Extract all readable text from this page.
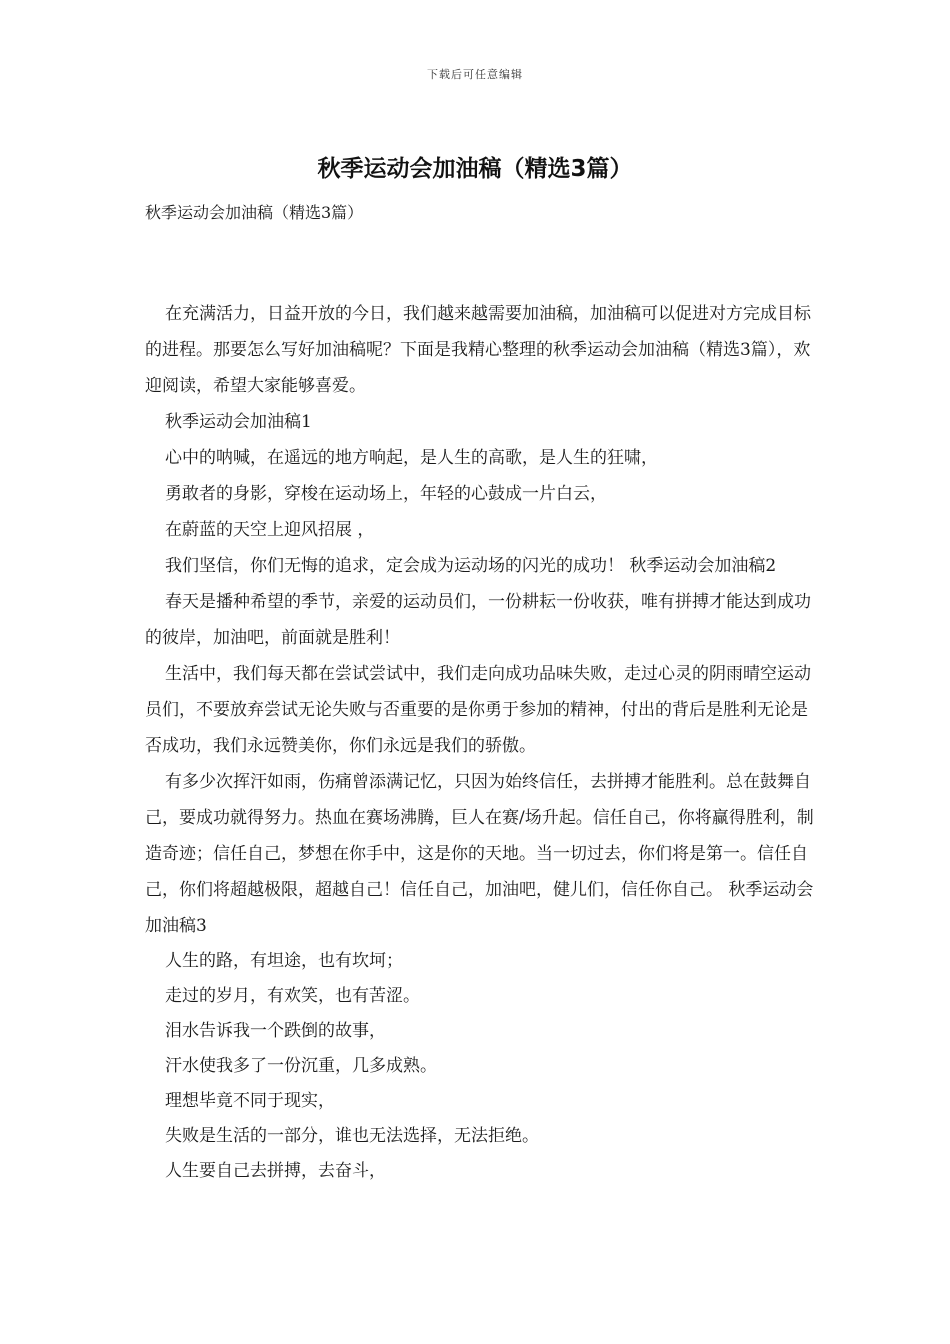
下载后可任意编辑
秋季运动会加油稿（精选3篇）
秋季运动会加油稿（精选3篇）

在充满活力，日益开放的今日，我们越来越需要加油稿，加油稿可以促进对方完成目标的进程。那要怎么写好加油稿呢？下面是我精心整理的秋季运动会加油稿（精选3篇），欢迎阅读，希望大家能够喜爱。

秋季运动会加油稿1

心中的呐喊，在遥远的地方响起，是人生的高歌，是人生的狂啸，

勇敢者的身影，穿梭在运动场上，年轻的心鼓成一片白云，

在蔚蓝的天空上迎风招展 ，

我们坚信，你们无悔的追求，定会成为运动场的闪光的成功！ 秋季运动会加油稿2

春天是播种希望的季节，亲爱的运动员们，一份耕耘一份收获，唯有拼搏才能达到成功的彼岸，加油吧，前面就是胜利！

生活中，我们每天都在尝试尝试中，我们走向成功品味失败，走过心灵的阴雨晴空运动员们，不要放弃尝试无论失败与否重要的是你勇于参加的精神，付出的背后是胜利无论是否成功，我们永远赞美你，你们永远是我们的骄傲。

有多少次挥汗如雨，伤痛曾添满记忆，只因为始终信任，去拼搏才能胜利。总在鼓舞自己，要成功就得努力。热血在赛场沸腾，巨人在赛/场升起。信任自己，你将赢得胜利，制造奇迹；信任自己，梦想在你手中，这是你的天地。当一切过去，你们将是第一。信任自己，你们将超越极限，超越自己！信任自己，加油吧，健儿们，信任你自己。 秋季运动会加油稿3

人生的路，有坦途，也有坎坷；

走过的岁月，有欢笑，也有苦涩。

泪水告诉我一个跌倒的故事，

汗水使我多了一份沉重，几多成熟。

理想毕竟不同于现实，

失败是生活的一部分，谁也无法选择，无法拒绝。

人生要自己去拼搏，去奋斗，
